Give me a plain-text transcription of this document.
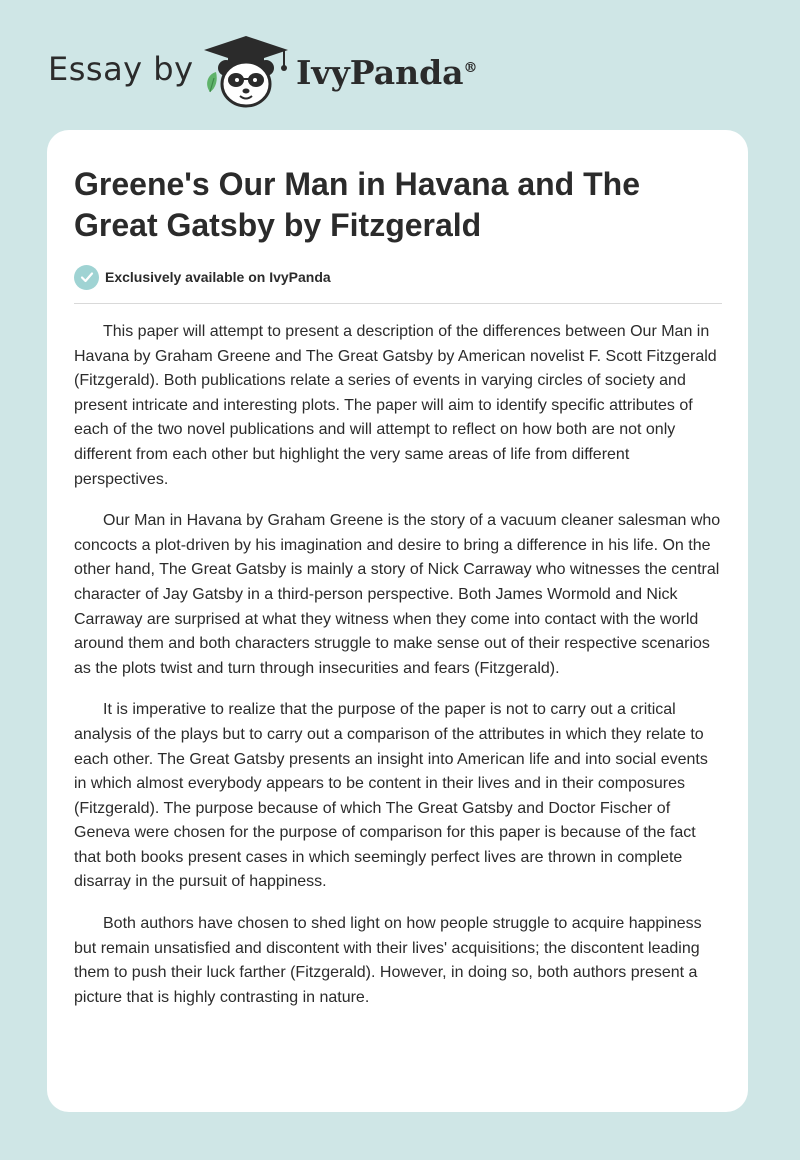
Essay by	IvyPanda®
Greene's Our Man in Havana and The Great Gatsby by Fitzgerald
Exclusively available on IvyPanda

This paper will attempt to present a description of the differences between Our Man in Havana by Graham Greene and The Great Gatsby by American novelist F. Scott Fitzgerald (Fitzgerald). Both publications relate a series of events in varying circles of society and present intricate and interesting plots. The paper will aim to identify specific attributes of each of the two novel publications and will attempt to reflect on how both are not only different from each other but highlight the very same areas of life from different perspectives.

Our Man in Havana by Graham Greene is the story of a vacuum cleaner salesman who concocts a plot-driven by his imagination and desire to bring a difference in his life. On the other hand, The Great Gatsby is mainly a story of Nick Carraway who witnesses the central character of Jay Gatsby in a third-person perspective. Both James Wormold and Nick Carraway are surprised at what they witness when they come into contact with the world around them and both characters struggle to make sense out of their respective scenarios as the plots twist and turn through insecurities and fears (Fitzgerald).

It is imperative to realize that the purpose of the paper is not to carry out a critical analysis of the plays but to carry out a comparison of the attributes in which they relate to each other. The Great Gatsby presents an insight into American life and into social events in which almost everybody appears to be content in their lives and in their composures (Fitzgerald). The purpose because of which The Great Gatsby and Doctor Fischer of Geneva were chosen for the purpose of comparison for this paper is because of the fact that both books present cases in which seemingly perfect lives are thrown in complete disarray in the pursuit of happiness.

Both authors have chosen to shed light on how people struggle to acquire happiness but remain unsatisfied and discontent with their lives' acquisitions; the discontent leading them to push their luck farther (Fitzgerald). However, in doing so, both authors present a picture that is highly contrasting in nature.
